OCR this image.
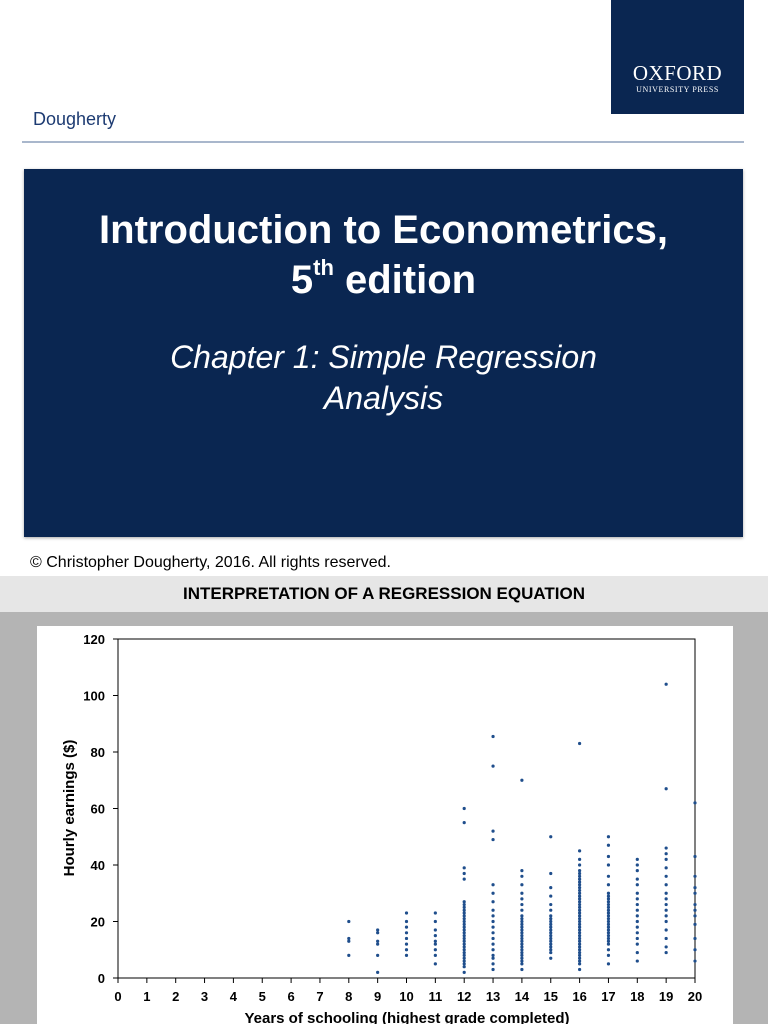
OXFORD
UNIVERSITY PRESS
Dougherty
Introduction to Econometrics,
5th edition
Chapter 1: Simple Regression
Analysis
© Christopher Dougherty, 2016. All rights reserved.
INTERPRETATION OF A REGRESSION EQUATION
0
20
40
60
80
100
120
0 1 2 3 4 5 6 7 8 9 10 11 12 13 14 15 16 17 18 19 20
Hourly earnings ($)
Years of schooling (highest grade completed)
